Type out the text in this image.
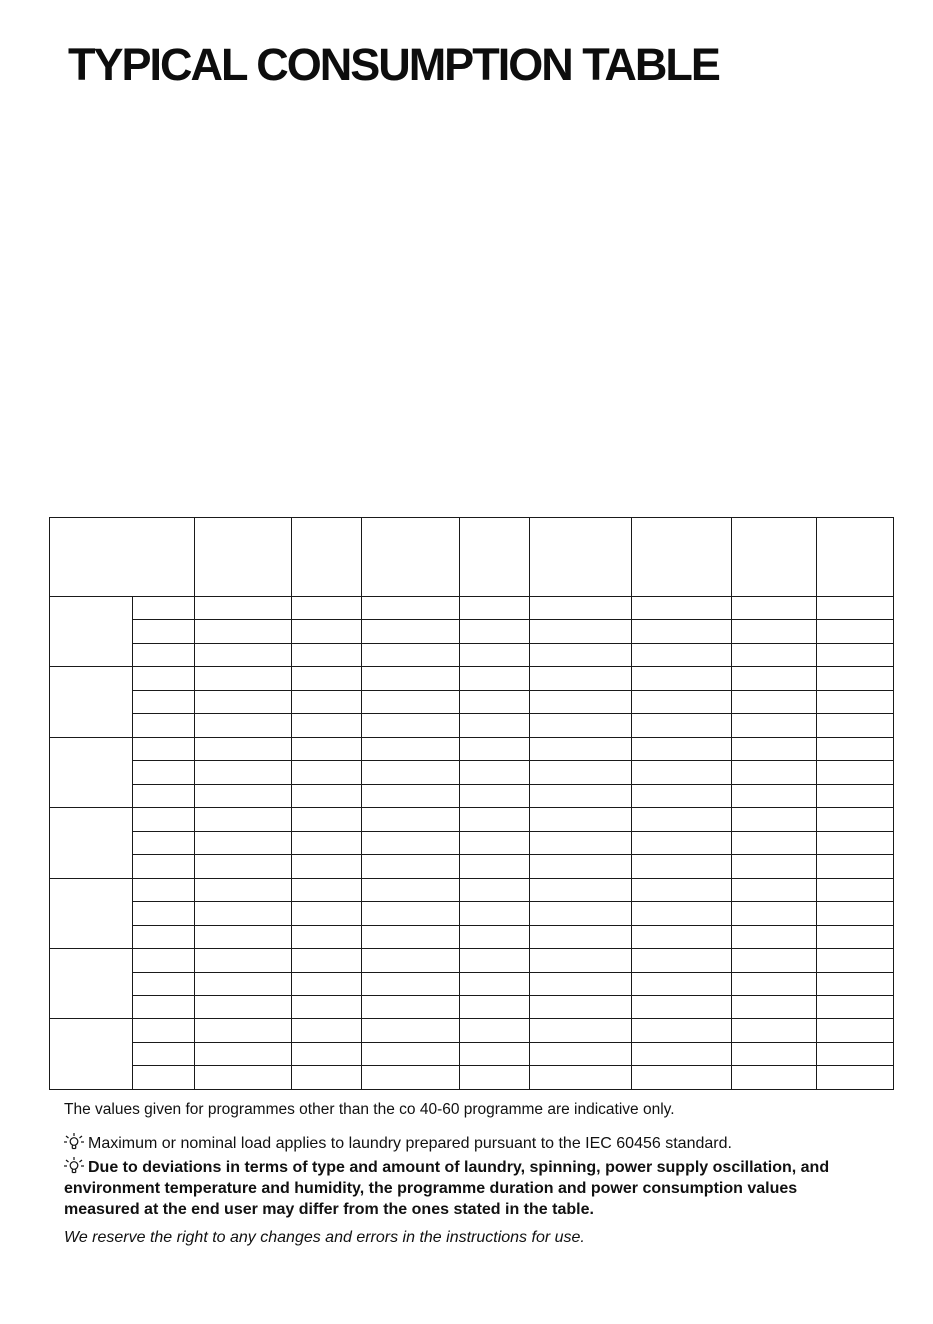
TYPICAL CONSUMPTION TABLE

The values given for programmes other than the co 40-60 programme are indicative only.

Maximum or nominal load applies to laundry prepared pursuant to the IEC 60456 standard.

Due to deviations in terms of type and amount of laundry, spinning, power supply oscillation, and environment temperature and humidity, the programme duration and power consumption values measured at the end user may differ from the ones stated in the table.

We reserve the right to any changes and errors in the instructions for use.
